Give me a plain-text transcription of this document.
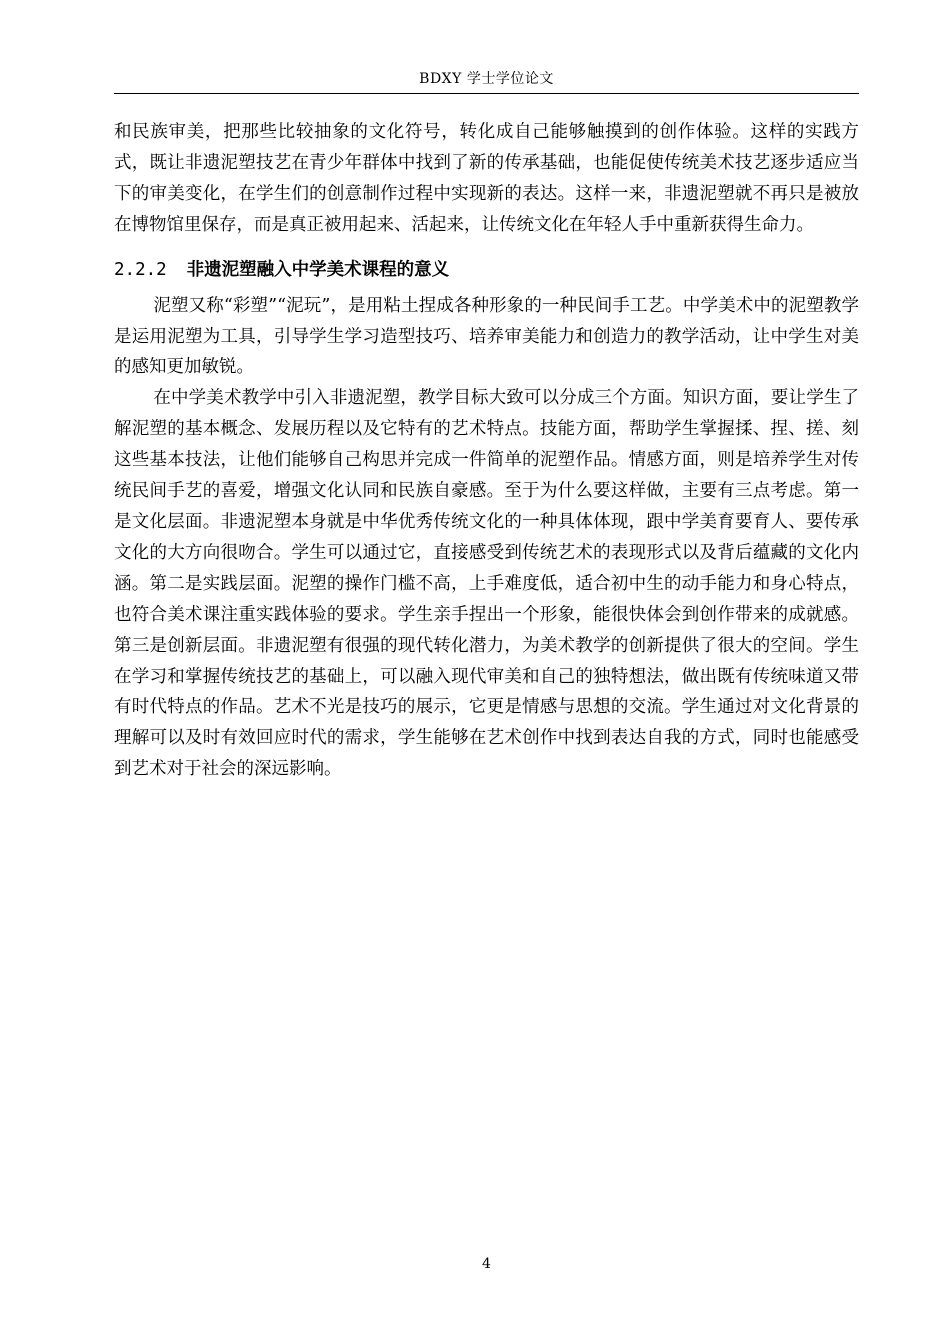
BDXY 学士学位论文

和民族审美，把那些比较抽象的文化符号，转化成自己能够触摸到的创作体验。这样的实践方式，既让非遗泥塑技艺在青少年群体中找到了新的传承基础，也能促使传统美术技艺逐步适应当下的审美变化，在学生们的创意制作过程中实现新的表达。这样一来，非遗泥塑就不再只是被放在博物馆里保存，而是真正被用起来、活起来，让传统文化在年轻人手中重新获得生命力。

2.2.2 非遗泥塑融入中学美术课程的意义

泥塑又称“彩塑”“泥玩”，是用粘土捏成各种形象的一种民间手工艺。中学美术中的泥塑教学是运用泥塑为工具，引导学生学习造型技巧、培养审美能力和创造力的教学活动，让中学生对美的感知更加敏锐。

在中学美术教学中引入非遗泥塑，教学目标大致可以分成三个方面。知识方面，要让学生了解泥塑的基本概念、发展历程以及它特有的艺术特点。技能方面，帮助学生掌握揉、捏、搓、刻这些基本技法，让他们能够自己构思并完成一件简单的泥塑作品。情感方面，则是培养学生对传统民间手艺的喜爱，增强文化认同和民族自豪感。至于为什么要这样做，主要有三点考虑。第一是文化层面。非遗泥塑本身就是中华优秀传统文化的一种具体体现，跟中学美育要育人、要传承文化的大方向很吻合。学生可以通过它，直接感受到传统艺术的表现形式以及背后蕴藏的文化内涵。第二是实践层面。泥塑的操作门槛不高，上手难度低，适合初中生的动手能力和身心特点，也符合美术课注重实践体验的要求。学生亲手捏出一个形象，能很快体会到创作带来的成就感。第三是创新层面。非遗泥塑有很强的现代转化潜力，为美术教学的创新提供了很大的空间。学生在学习和掌握传统技艺的基础上，可以融入现代审美和自己的独特想法，做出既有传统味道又带有时代特点的作品。艺术不光是技巧的展示，它更是情感与思想的交流。学生通过对文化背景的理解可以及时有效回应时代的需求，学生能够在艺术创作中找到表达自我的方式，同时也能感受到艺术对于社会的深远影响。

4
